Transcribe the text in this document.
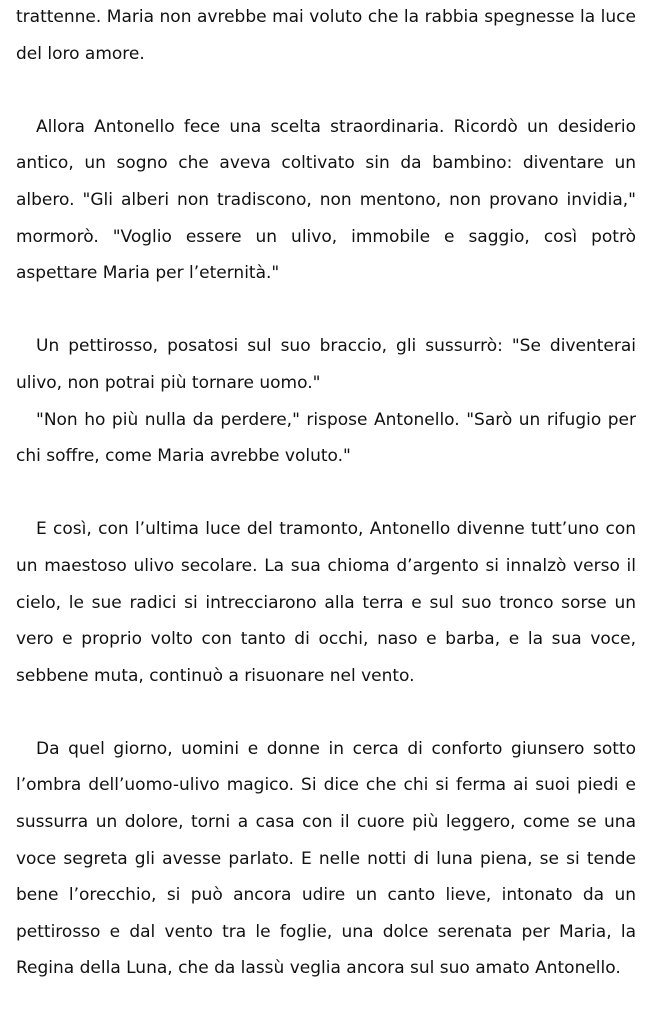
trattenne. Maria non avrebbe mai voluto che la rabbia spegnesse la luce del loro amore.

Allora Antonello fece una scelta straordinaria. Ricordò un desiderio antico, un sogno che aveva coltivato sin da bambino: diventare un albero. "Gli alberi non tradiscono, non mentono, non provano invidia," mormorò. "Voglio essere un ulivo, immobile e saggio, così potrò aspettare Maria per l’eternità."

Un pettirosso, posatosi sul suo braccio, gli sussurrò: "Se diventerai ulivo, non potrai più tornare uomo."

"Non ho più nulla da perdere," rispose Antonello. "Sarò un rifugio per chi soffre, come Maria avrebbe voluto."

E così, con l’ultima luce del tramonto, Antonello divenne tutt’uno con un maestoso ulivo secolare. La sua chioma d’argento si innalzò verso il cielo, le sue radici si intrecciarono alla terra e sul suo tronco sorse un vero e proprio volto con tanto di occhi, naso e barba, e la sua voce, sebbene muta, continuò a risuonare nel vento.

Da quel giorno, uomini e donne in cerca di conforto giunsero sotto l’ombra dell’uomo-ulivo magico. Si dice che chi si ferma ai suoi piedi e sussurra un dolore, torni a casa con il cuore più leggero, come se una voce segreta gli avesse parlato. E nelle notti di luna piena, se si tende bene l’orecchio, si può ancora udire un canto lieve, intonato da un pettirosso e dal vento tra le foglie, una dolce serenata per Maria, la Regina della Luna, che da lassù veglia ancora sul suo amato Antonello.
